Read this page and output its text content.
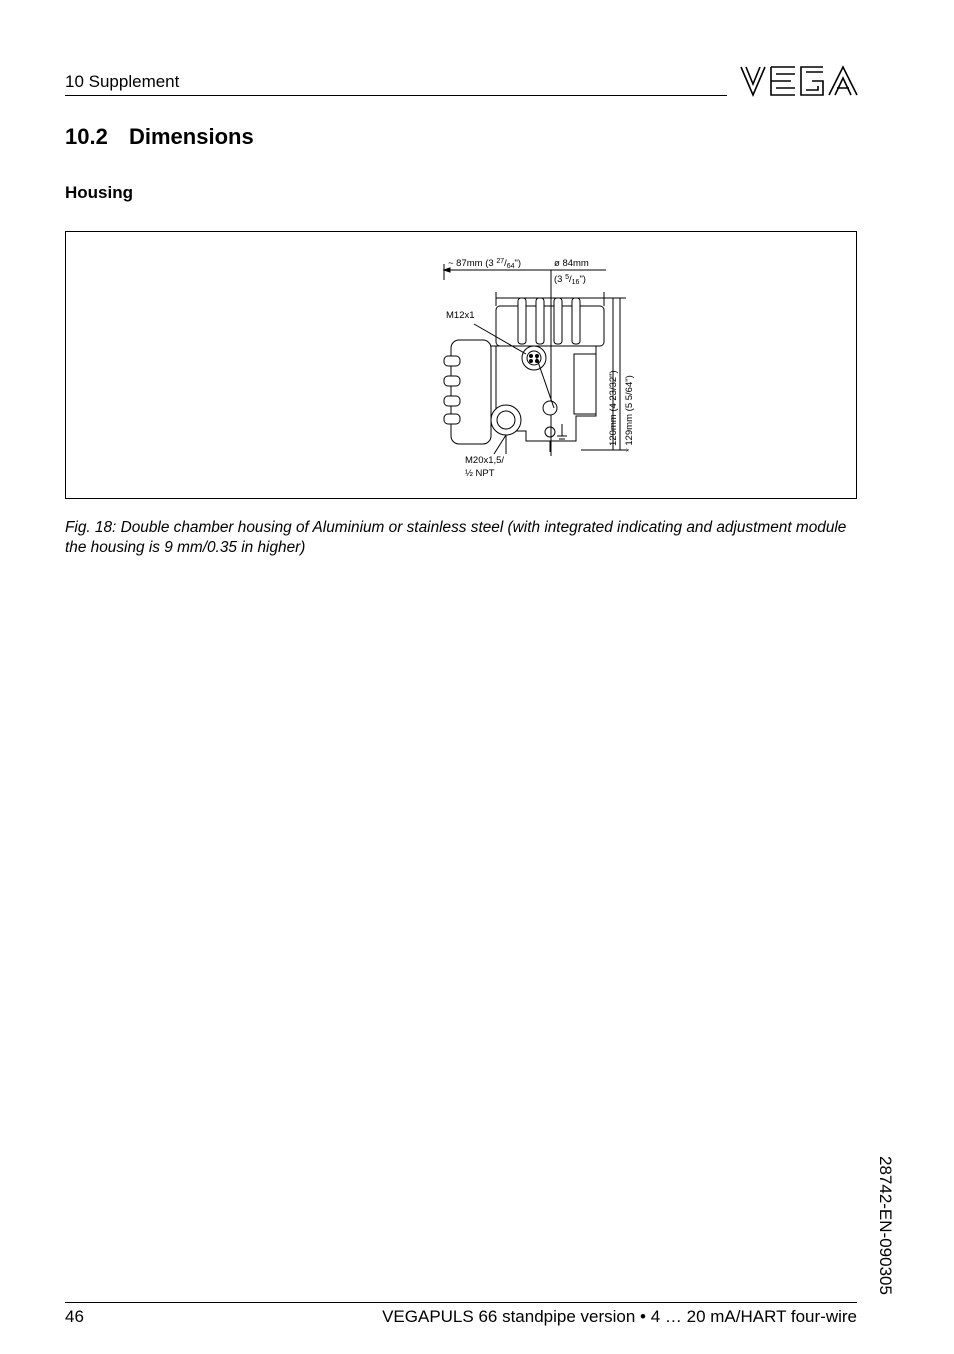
10 Supplement
VEGA
10.2 Dimensions
Housing
~ 87mm (3 $^{27}/_{64}$")	ø 84mm
(3 $^5/_{16}$")
M12x1
120mm (4 23/32") * 129mm (5 5/64")
M20x1,5/
½ NPT
Fig. 18: Double chamber housing of Aluminium or stainless steel (with integrated indicating and adjustment module the housing is 9 mm/0.35 in higher)
28742-EN-090305
46	VEGAPULS 66 standpipe version • 4 … 20 mA/HART four-wire
